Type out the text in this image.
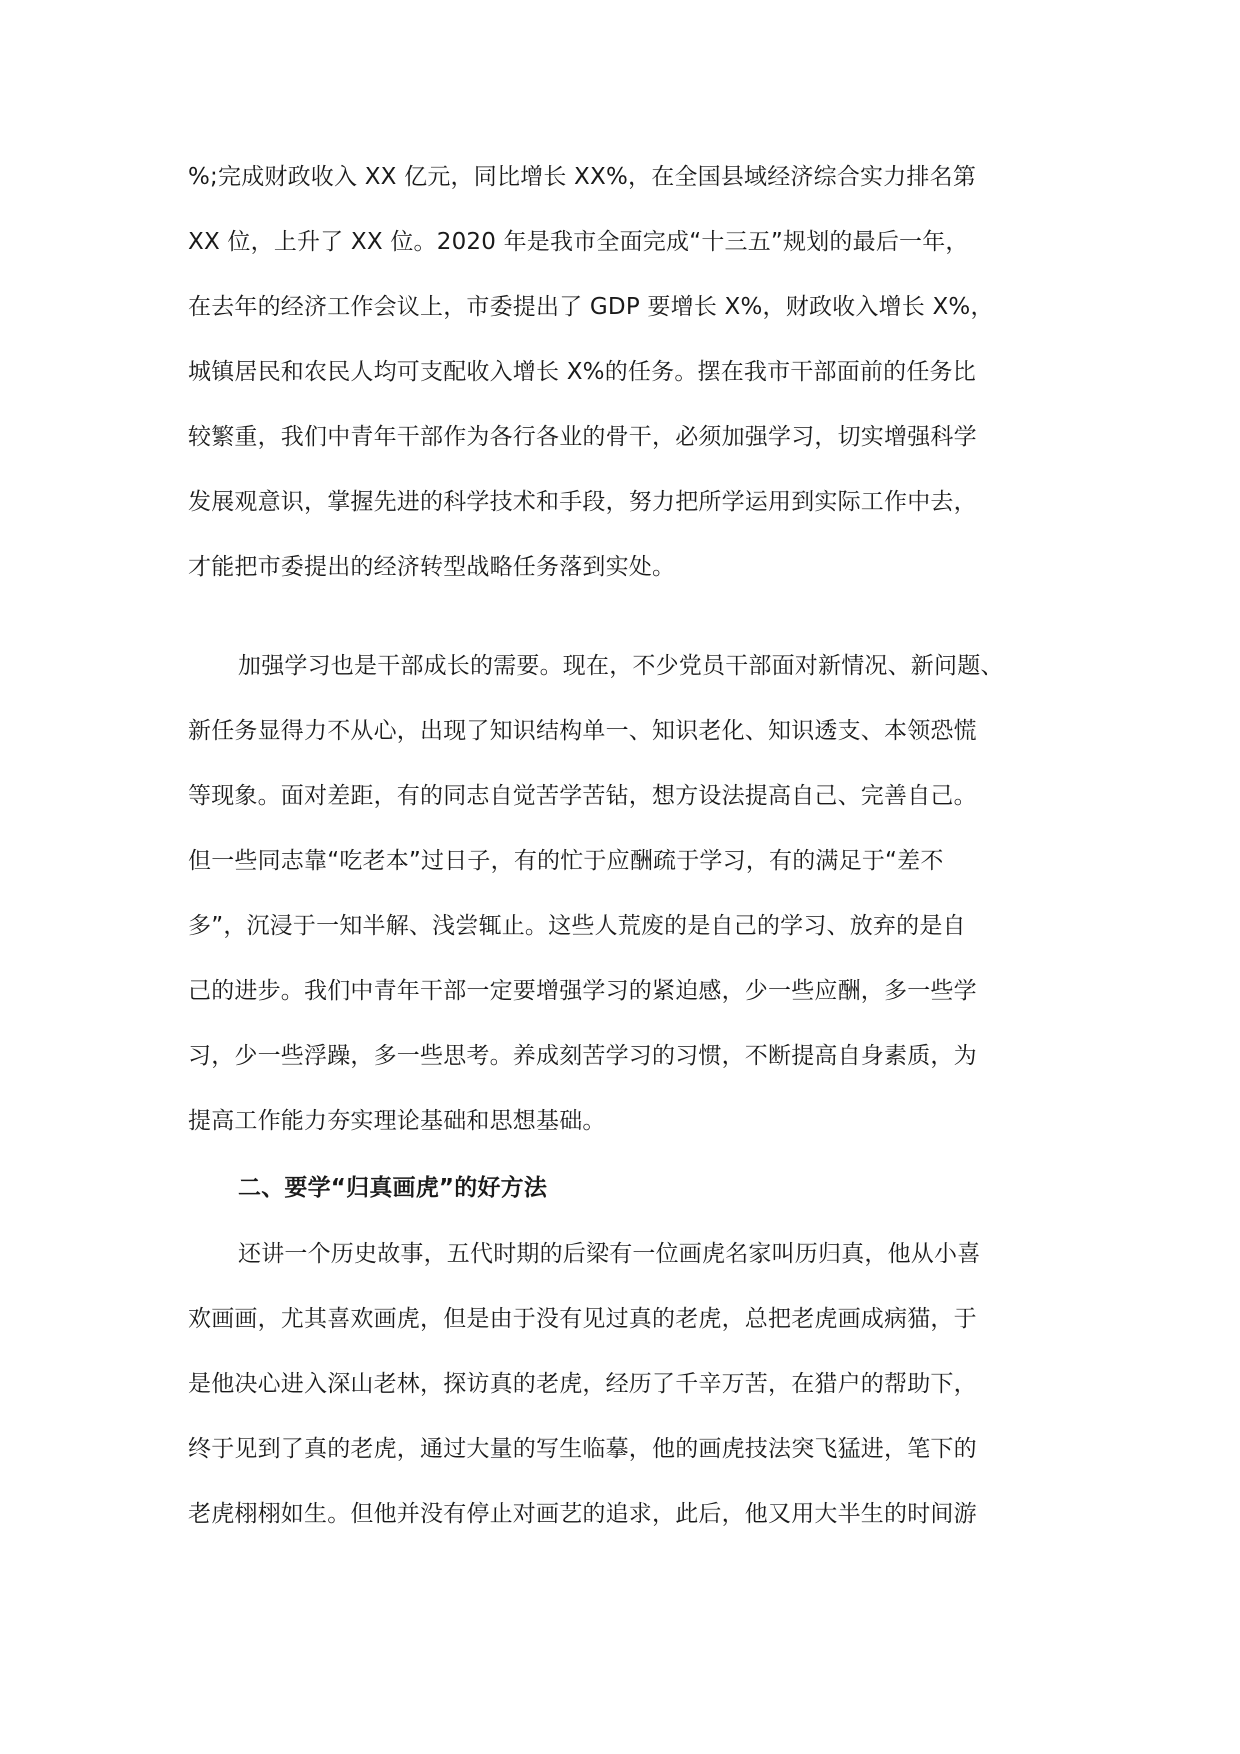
%;完成财政收入 XX 亿元，同比增长 XX%，在全国县域经济综合实力排名第
XX 位，上升了 XX 位。2020 年是我市全面完成“十三五”规划的最后一年，
在去年的经济工作会议上，市委提出了 GDP 要增长 X%，财政收入增长 X%，
城镇居民和农民人均可支配收入增长 X%的任务。摆在我市干部面前的任务比
较繁重，我们中青年干部作为各行各业的骨干，必须加强学习，切实增强科学
发展观意识，掌握先进的科学技术和手段，努力把所学运用到实际工作中去，
才能把市委提出的经济转型战略任务落到实处。
加强学习也是干部成长的需要。现在，不少党员干部面对新情况、新问题、
新任务显得力不从心，出现了知识结构单一、知识老化、知识透支、本领恐慌
等现象。面对差距，有的同志自觉苦学苦钻，想方设法提高自己、完善自己。
但一些同志靠“吃老本”过日子，有的忙于应酬疏于学习，有的满足于“差不
多”，沉浸于一知半解、浅尝辄止。这些人荒废的是自己的学习、放弃的是自
己的进步。我们中青年干部一定要增强学习的紧迫感，少一些应酬，多一些学
习，少一些浮躁，多一些思考。养成刻苦学习的习惯，不断提高自身素质，为
提高工作能力夯实理论基础和思想基础。
二、要学“归真画虎”的好方法
还讲一个历史故事，五代时期的后梁有一位画虎名家叫历归真，他从小喜
欢画画，尤其喜欢画虎，但是由于没有见过真的老虎，总把老虎画成病猫，于
是他决心进入深山老林，探访真的老虎，经历了千辛万苦，在猎户的帮助下，
终于见到了真的老虎，通过大量的写生临摹，他的画虎技法突飞猛进，笔下的
老虎栩栩如生。但他并没有停止对画艺的追求，此后，他又用大半生的时间游
